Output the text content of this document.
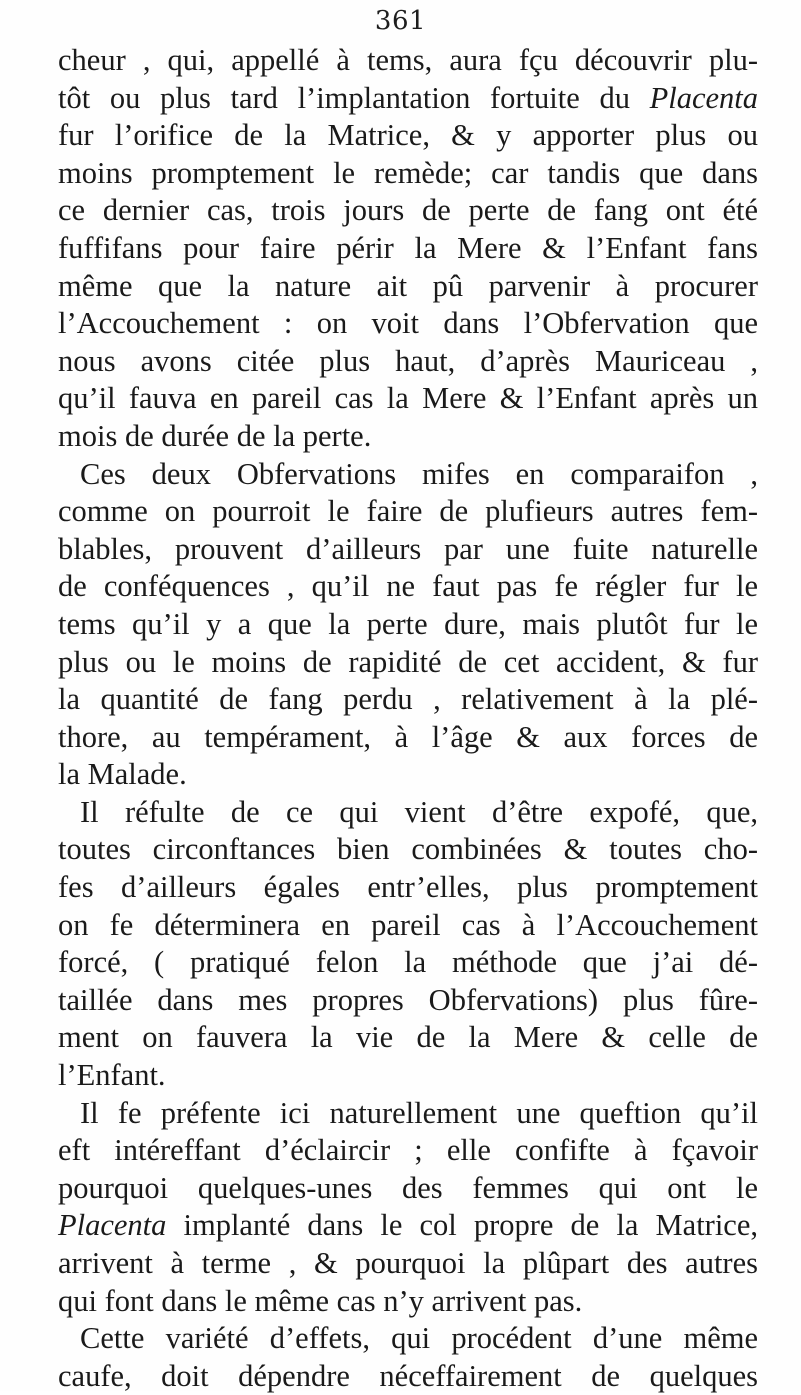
361
cheur , qui, appellé à tems, aura fçu découvrir plu-
tôt ou plus tard l’implantation fortuite du Placenta
fur l’orifice de la Matrice, & y apporter plus ou
moins promptement le remède; car tandis que dans
ce dernier cas, trois jours de perte de fang ont été
fuffifans pour faire périr la Mere & l’Enfant fans
même que la nature ait pû parvenir à procurer
l’Accouchement : on voit dans l’Obfervation que
nous avons citée plus haut, d’après Mauriceau ,
qu’il fauva en pareil cas la Mere & l’Enfant après un
mois de durée de la perte.
Ces deux Obfervations mifes en comparaifon ,
comme on pourroit le faire de plufieurs autres fem-
blables, prouvent d’ailleurs par une fuite naturelle
de conféquences , qu’il ne faut pas fe régler fur le
tems qu’il y a que la perte dure, mais plutôt fur le
plus ou le moins de rapidité de cet accident, & fur
la quantité de fang perdu , relativement à la plé-
thore, au tempérament, à l’âge & aux forces de
la Malade.
Il réfulte de ce qui vient d’être expofé, que,
toutes circonftances bien combinées & toutes cho-
fes d’ailleurs égales entr’elles, plus promptement
on fe déterminera en pareil cas à l’Accouchement
forcé, ( pratiqué felon la méthode que j’ai dé-
taillée dans mes propres Obfervations) plus fûre-
ment on fauvera la vie de la Mere & celle de
l’Enfant.
Il fe préfente ici naturellement une queftion qu’il
eft intéreffant d’éclaircir ; elle confifte à fçavoir
pourquoi quelques-unes des femmes qui ont le
Placenta implanté dans le col propre de la Matrice,
arrivent à terme , & pourquoi la plûpart des autres
qui font dans le même cas n’y arrivent pas.
Cette variété d’effets, qui procédent d’une même
caufe, doit dépendre néceffairement de quelques
